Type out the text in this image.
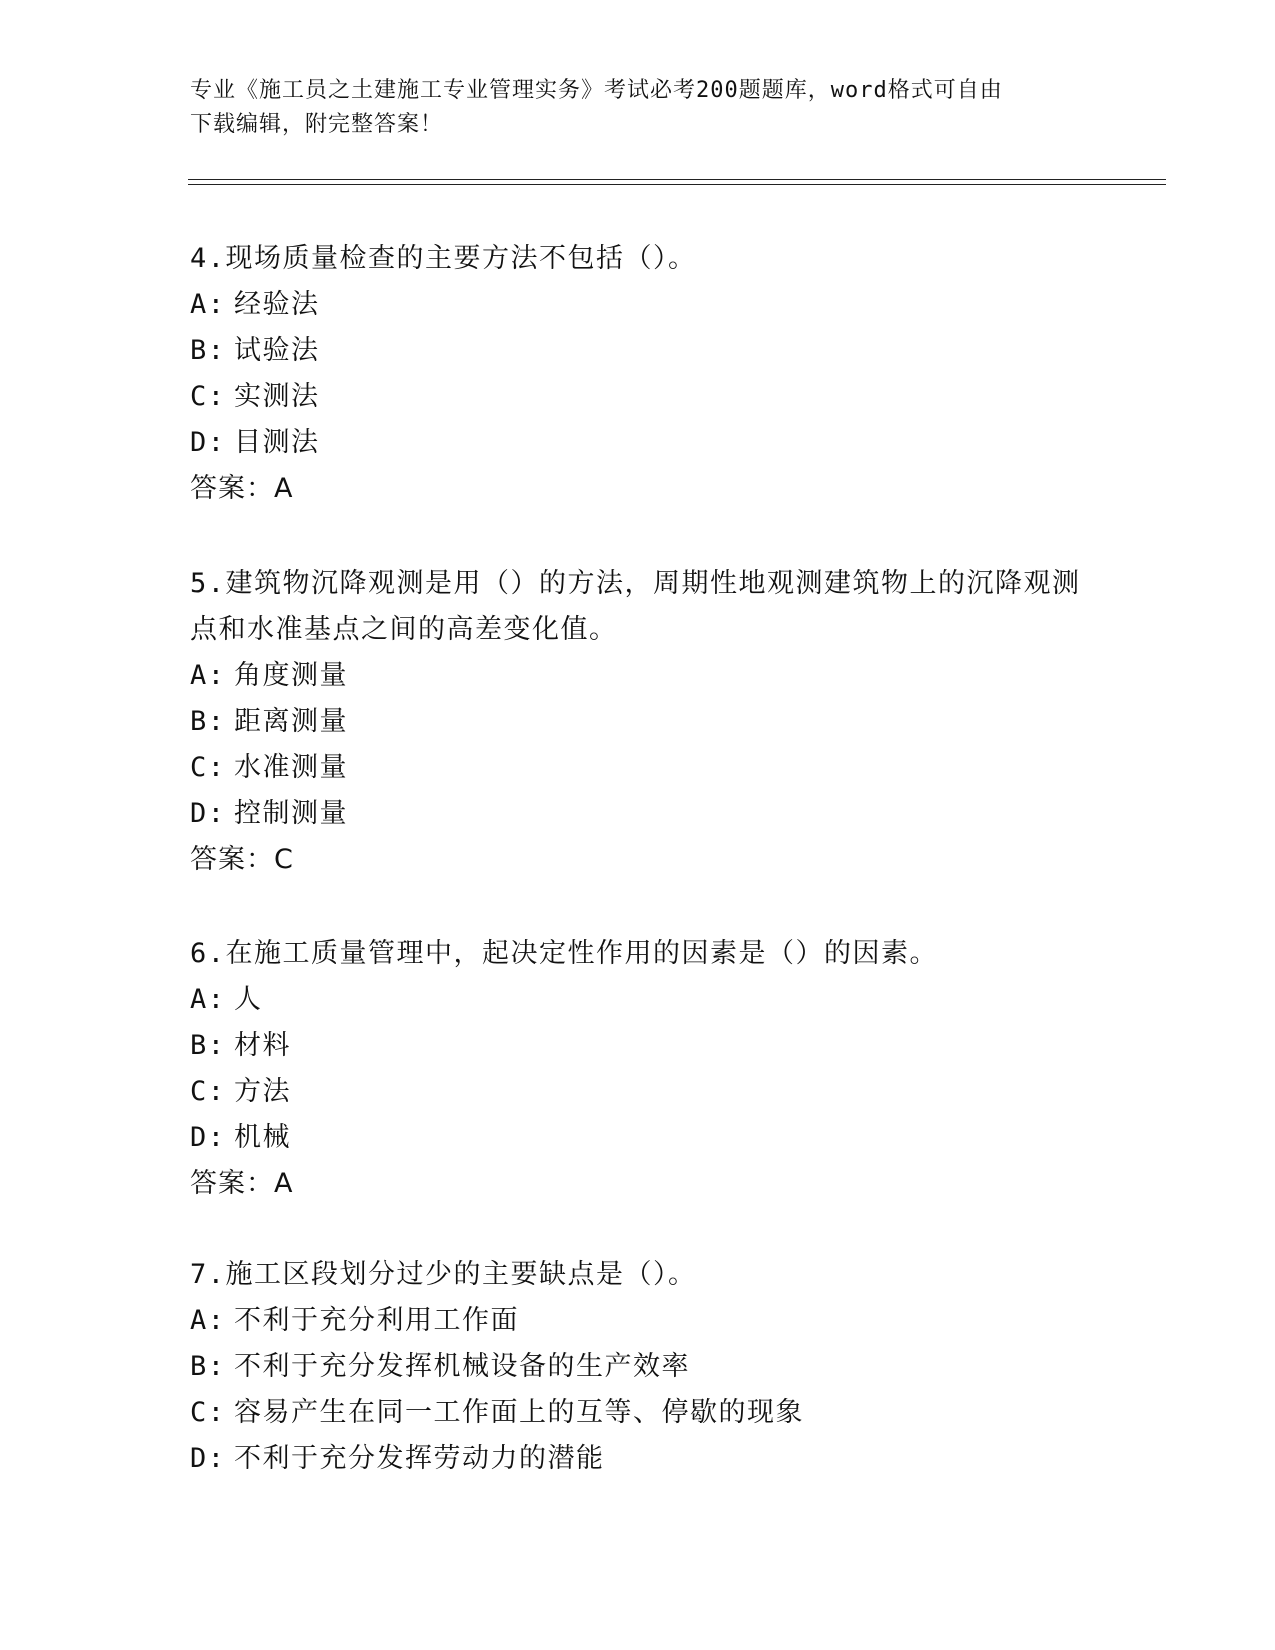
专业《施工员之土建施工专业管理实务》考试必考200题题库，word格式可自由
下载编辑，附完整答案！

4.现场质量检查的主要方法不包括（）。

A: 经验法

B: 试验法

C: 实测法

D: 目测法

答案：A

5.建筑物沉降观测是用（）的方法，周期性地观测建筑物上的沉降观测点和水准基点之间的高差变化值。

A: 角度测量

B: 距离测量

C: 水准测量

D: 控制测量

答案：C

6.在施工质量管理中，起决定性作用的因素是（）的因素。

A: 人

B: 材料

C: 方法

D: 机械

答案：A

7.施工区段划分过少的主要缺点是（）。

A: 不利于充分利用工作面

B: 不利于充分发挥机械设备的生产效率

C: 容易产生在同一工作面上的互等、停歇的现象

D: 不利于充分发挥劳动力的潜能
